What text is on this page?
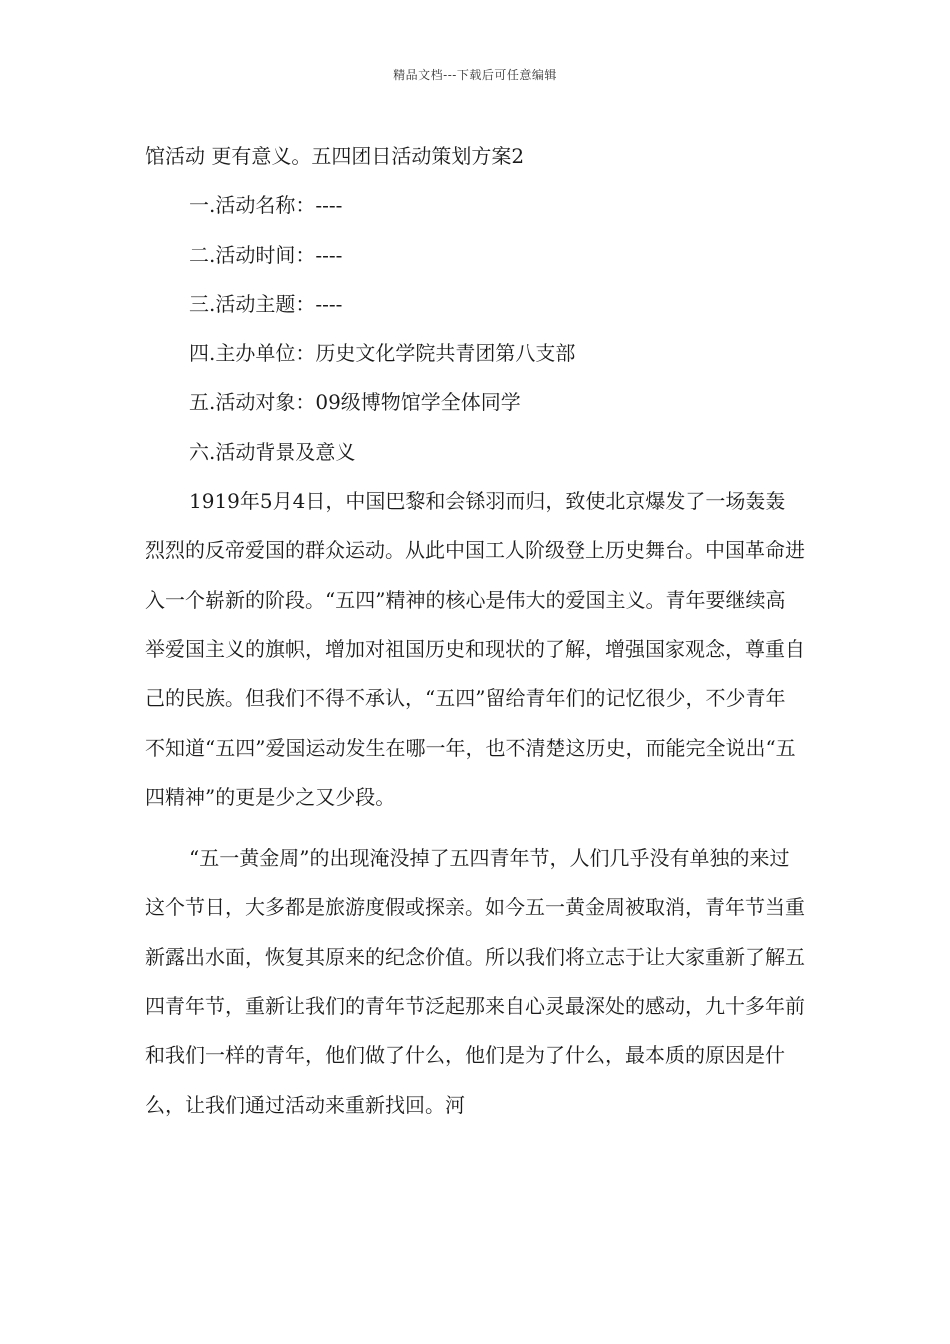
精品文档---下载后可任意编辑

馆活动 更有意义。五四团日活动策划方案2

一.活动名称：----

二.活动时间：----

三.活动主题：----

四.主办单位：历史文化学院共青团第八支部

五.活动对象：09级博物馆学全体同学

六.活动背景及意义

1919年5月4日，中国巴黎和会铩羽而归，致使北京爆发了一场轰轰烈烈的反帝爱国的群众运动。从此中国工人阶级登上历史舞台。中国革命进入一个崭新的阶段。“五四”精神的核心是伟大的爱国主义。青年要继续高举爱国主义的旗帜，增加对祖国历史和现状的了解，增强国家观念，尊重自己的民族。但我们不得不承认，“五四”留给青年们的记忆很少，不少青年不知道“五四”爱国运动发生在哪一年，也不清楚这历史，而能完全说出“五四精神”的更是少之又少段。

“五一黄金周”的出现淹没掉了五四青年节，人们几乎没有单独的来过这个节日，大多都是旅游度假或探亲。如今五一黄金周被取消，青年节当重新露出水面，恢复其原来的纪念价值。所以我们将立志于让大家重新了解五四青年节，重新让我们的青年节泛起那来自心灵最深处的感动，九十多年前和我们一样的青年，他们做了什么，他们是为了什么，最本质的原因是什么，让我们通过活动来重新找回。河
